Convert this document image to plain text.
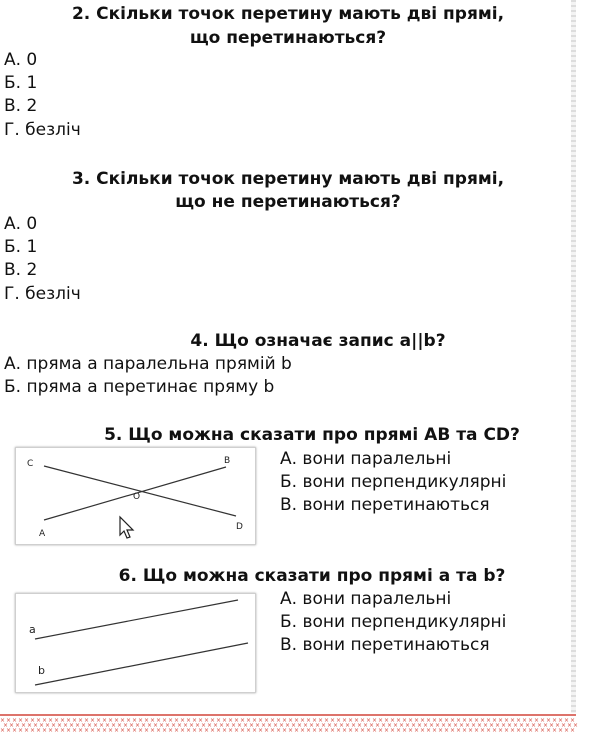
2. Скільки точок перетину мають дві прямі,
що перетинаються?
А. 0
Б. 1
В. 2
Г. безліч
3. Скільки точок перетину мають дві прямі,
що не перетинаються?
А. 0
Б. 1
В. 2
Г. безліч
4. Що означає запис a||b?
А. пряма а паралельна прямій b
Б. пряма а перетинає пряму b
5. Що можна сказати про прямі АВ та CD?
C	B
O
A
D
А. вони паралельні
Б. вони перпендикулярні
В. вони перетинаються
6. Що можна сказати про прямі а та b?
a
b
А. вони паралельні
Б. вони перпендикулярні
В. вони перетинаються
×
×
×
×
×
×
×
×
×
×
×
×
×
×
×
×
×
×
×
×
×
×
×
×
×
×
×
×
×
×
×
×
×
×
×
×
×
×
×
×
×
×
×
×
×
×
×
×
×
×
×
×
×
×
×
×
×
×
×
×
×
×
×
×
×
×
×
×
×
×
×
×
×
×
×
×
×
×
×
×
×
×
×
×
×
×
×
×
×
×
×
×
×
×
×
×
×
×
×
×
×
×
×
×
×
×
×
×
×
×
×
×
×
×
×
×
×
×
×
×
×
×
×
×
×
×
×
×
×
×
×
×
×
×
×
×
×
×
×
×
×
×
×
×
×
×
×
×
×
×
×
×
×
×
×
×
×
×
×
×
×
×
×
×
×
×
×
×
×
×
×
×
×
×
×
×
×
×
×
×
×
×
×
×
×
×
×
×
×
×
×
×
×
×
×
×
×
×
×
×
×
×
×
×
×
×
×
×
×
×
×
×
×
×
×
×
×
×
×
×
×
×
×
×
×
×
×
×
×
×
×
×
×
×
×
×
×
×
×
×
×
×
×
×
×
×
×
×
×
×
×
×
×
×
×
×
×
×
×
×
×
×
×
×
×
×
×
×
×
×
×
×
×
×
×
×
×
×
×
×
×
×
×
×
×
×
×
×
